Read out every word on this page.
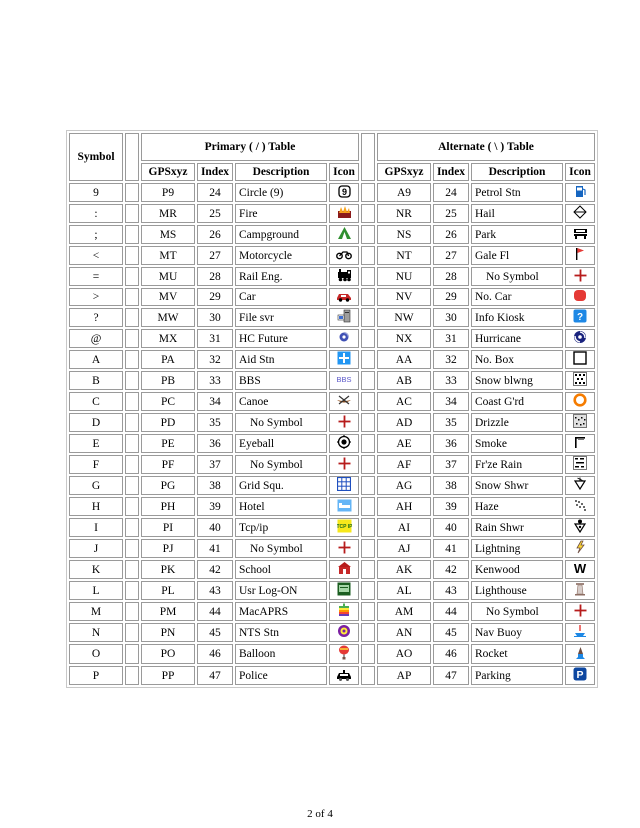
Symbol		Primary ( / ) Table					Alternate ( \ ) Table			
		GPSxyz	Index	Description	Icon		GPSxyz	Index	Description	Icon
9		P9	24	Circle (9)	9		A9	24	Petrol Stn	
:		MR	25	Fire			NR	25	Hail	
;		MS	26	Campground			NS	26	Park	
<		MT	27	Motorcycle			NT	27	Gale Fl	
=		MU	28	Rail Eng.			NU	28	No Symbol	
>		MV	29	Car			NV	29	No. Car	
?		MW	30	File svr			NW	30	Info Kiosk	?

@		MX	31	HC Future			NX	31	Hurricane	
A		PA	32	Aid Stn			AA	32	No. Box	
B		PB	33	BBS	BBS		AB	33	Snow blwng	
C		PC	34	Canoe			AC	34	Coast G'rd	
D		PD	35	No Symbol			AD	35	Drizzle	
E		PE	36	Eyeball			AE	36	Smoke	
F		PF	37	No Symbol			AF	37	Fr'ze Rain	
G		PG	38	Grid Squ.			AG	38	Snow Shwr	
H		PH	39	Hotel			AH	39	Haze	
I		PI	40	Tcp/ip	TCP IP		AI	40	Rain Shwr	
J		PJ	41	No Symbol			AJ	41	Lightning	
K		PK	42	School			AK	42	Kenwood	W

L		PL	43	Usr Log-ON			AL	43	Lighthouse	
M		PM	44	MacAPRS			AM	44	No Symbol	
N		PN	45	NTS Stn			AN	45	Nav Buoy	
O		PO	46	Balloon			AO	46	Rocket	
P		PP	47	Police			AP	47	Parking	P
2 of 4
